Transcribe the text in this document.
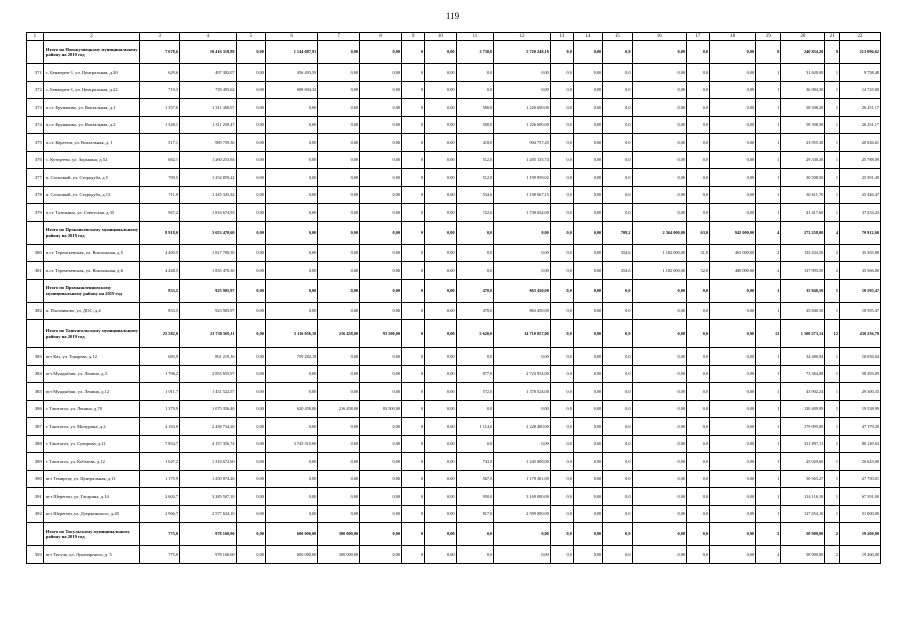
119
1	2	3	4	5	6	7	8	9	10	11	12	13	14	15	16	17	18	19	20	21	22
	Итого по Новокузнецкому муниципальному району на 2019 год	7 678,6	10 416 318,89	0,00	1 144 087,91	0,00	0,00	0	0,00	3 738,0	5 720 248,16	0,0	0,00	0,0	0,00	0,0	0,00	9	240 854,20	9	213 096,62
371	с. Бенжереп-1, ул. Центральная, д.20	629,6	497 382,07	0,00	456 493,59	0,00	0,00	0	0,00	0,0	0,00	0,0	0,00	0,0	0,00	0,0	0,00	1	31 620,00	1	9 758,48
372	с. Бенжереп-1, ул. Центральная, д.22	719,3	739 495,62	0,00	688 694,32	0,00	0,00	0	0,00	0,0	0,00	0,0	0,00	0,0	0,00	0,0	0,00	1	36 084,30	1	14 725,00
373	п.ст. Ерунаково, ул. Вокзальная, д.1	1 357,0	1 311 300,07	0,00	0,00	0,00	0,00	0	0,00	500,0	1 226 600,00	0,0	0,00	0,0	0,00	0,0	0,00	1	58 508,20	1	26 251,17
374	п.ст. Ерунаково, ул. Вокзальная, д.2	1 348,1	1 311 259,47	0,00	0,00	0,00	0,00	0	0,00	500,0	1 226 600,00	0,0	0,00	0,0	0,00	0,0	0,00	1	58 398,30	1	26 251,17
375	п.ст. Керегеш, ул. Вокзальная, д. 1	517,1	989 759,36	0,00	0,00	0,00	0,00	0	0,00	418,0	904 757,45	0,0	0,00	0,0	0,00	0,0	0,00	1	23 955,30	1	20 046,61
376	с. Кузедеево, ул. Зорькина, д.52	682,1	1 260 253,94	0,00	0,00	0,00	0,00	0	0,00	512,0	1 205 135,74	0,0	0,00	0,0	0,00	0,0	0,00	1	29 330,30	1	25 788,09
377	п. Сосновый, ул. Стародуба, д.5	709,5	1 254 859,22	0,00	0,00	0,00	0,00	0	0,00	512,0	1 199 859,02	0,0	0,00	0,0	0,00	0,0	0,00	1	30 508,50	1	25 591,49
378	п. Сосновый, ул. Стародуба, д.13	711,9	1 245 345,32	0,00	0,00	0,00	0,00	0	0,00	534,6	1 198 067,15	0,0	0,00	0,0	0,00	0,0	0,00	1	30 611,70	1	25 446,47
379	п.ст. Тальжино, ул. Советская, д.35	967,2	1 816 674,93	0,00	0,00	0,00	0,00	0	0,00	722,6	1 738 024,00	0,0	0,00	0,0	0,00	0,0	0,00	1	41 417,60	1	37 233,43
	Итого по Прокопьевскому муниципальному району на 2019 год	8 918,0	3 653 470,60	0,00	0,00	0,00	0,00	0	0,00	0,0	0,00	0,0	0,00	709,2	2 364 000,00	63,0	945 000,00	4	273 258,00	4	70 912,60
380	п.ст. Терентьевская, ул. Вокзальная, д.5	4 469,5	1 817 700,30	0,00	0,00	0,00	0,00	0	0,00	0,0	0,00	0,0	0,00	354,6	1 182 000,00	31,0	465 000,00	2	135 434,50	2	35 265,80
381	п.ст. Терентьевская, ул. Вокзальная, д.6	4 448,5	1 835 470,30	0,00	0,00	0,00	0,00	0	0,00	0,0	0,00	0,0	0,00	354,6	1 182 000,00	32,0	480 000,00	2	137 993,50	2	35 566,80
	Итого по Промышленновскому муниципальному району на 2019 год	833,5	923 905,97	0,00	0,00	0,00	0,00	0	0,00	470,0	863 450,00	0,0	0,00	0,0	0,00	0,0	0,00	1	35 840,50	1	18 595,47
382	п. Плотниково, ул. ДОС, д.4	833,5	923 905,97	0,00	0,00	0,00	0,00	0	0,00	470,0	863 450,00	0,0	0,00	0,0	0,00	0,0	0,00	1	35 840,50	1	18 595,47
	Итого по Таштагольскому муниципальному району на 2019 год	25 582,0	21 730 569,11	0,00	5 116 056,18	216 458,00	93 500,00	0	0,00	5 620,0	14 710 057,00	0,0	0,00	0,0	0,00	0,0	0,00	12	1 100 273,14	12	430 236,79
383	пгт Каз, ул. Токарева, д.12	683,9	801 219,16	0,00	759 282,18	0,00	0,00	0	0,00	0,0	0,00	0,0	0,00	0,0	0,00	0,0	0,00	1	34 480,94	1	16 056,04
384	пгт Мундыбаш, ул. Ленина, д.3	1 796,2	2 855 655,97	0,00	0,00	0,00	0,00	0	0,00	877,0	2 723 954,00	0,0	0,00	0,0	0,00	0,0	0,00	1	73 364,88	1	58 293,09
385	пгт Мундыбаш, ул. Ленина, д.12	1 011,7	1 451 522,57	0,00	0,00	0,00	0,00	0	0,00	572,0	1 378 524,00	0,0	0,00	0,0	0,00	0,0	0,00	1	43 902,24	1	29 300,33
386	г. Таштагол, ул. Ленина, д.70	1 379,9	1 075 356,40	0,00	620 458,00	216 458,00	83 500,00	0	0,00	0,0	0,00	0,0	0,00	0,0	0,00	0,0	0,00	1	130 409,99	1	19 538,99
387	г. Таштагол, ул. Мичурина, д.2	4 163,0	2 458 734,20	0,00	0,00	0,00	0,00	0	0,00	1 114,0	2 228 400,00	0,0	0,00	0,0	0,00	0,0	0,00	1	179 095,00	1	47 179,20
388	г. Таштагол, ул. Суворова, д.21	7 854,7	4 157 356,74	0,00	3 745 310,00	0,00	0,00	0	0,00	0,0	0,00	0,0	0,00	0,0	0,00	0,0	0,00	1	331 897,11	1	80 149,63
389	г. Таштагол, ул. Кобзаева, д.12	1 047,2	1 316 672,60	0,00	0,00	0,00	0,00	0	0,00	743,0	1 245 000,00	0,0	0,00	0,0	0,00	0,0	0,00	1	45 029,60	1	26 643,00
390	пгт Темиртау, ул. Центральная, д.11	1 175,9	1 250 874,26	0,00	0,00	0,00	0,00	0	0,00	567,0	1 178 361,00	0,0	0,00	0,0	0,00	0,0	0,00	1	50 563,27	1	27 750,01
391	пгт Шерегеш, ул. Гагарина, д.14	2 602,7	3 285 507,10	0,00	0,00	0,00	0,00	0	0,00	950,0	3 169 000,00	0,0	0,00	0,0	0,00	0,0	0,00	1	114 116,10	1	67 391,00
392	пгт Шерегеш, ул. Дзержинского, д.20	2 966,7	2 577 634,10	0,00	0,00	0,00	0,00	0	0,00	817,0	2 599 000,00	0,0	0,00	0,0	0,00	0,0	0,00	1	127 654,10	1	51 000,00
	Итого по Тисульскому муниципальному району на 2019 год	775,0	978 160,00	0,00	600 000,00	300 000,00	0,00	0	0,00	0,0	0,00	0,0	0,00	0,0	0,00	0,0	0,00	2	58 900,00	2	19 260,00
393	пгт Тисуль, ул. Луначарского, д. 5	775,0	978 160,00	0,00	600 000,00	300 000,00	0,00	0	0,00	0,0	0,00	0,0	0,00	0,0	0,00	0,0	0,00	2	58 900,00	2	19 260,00
